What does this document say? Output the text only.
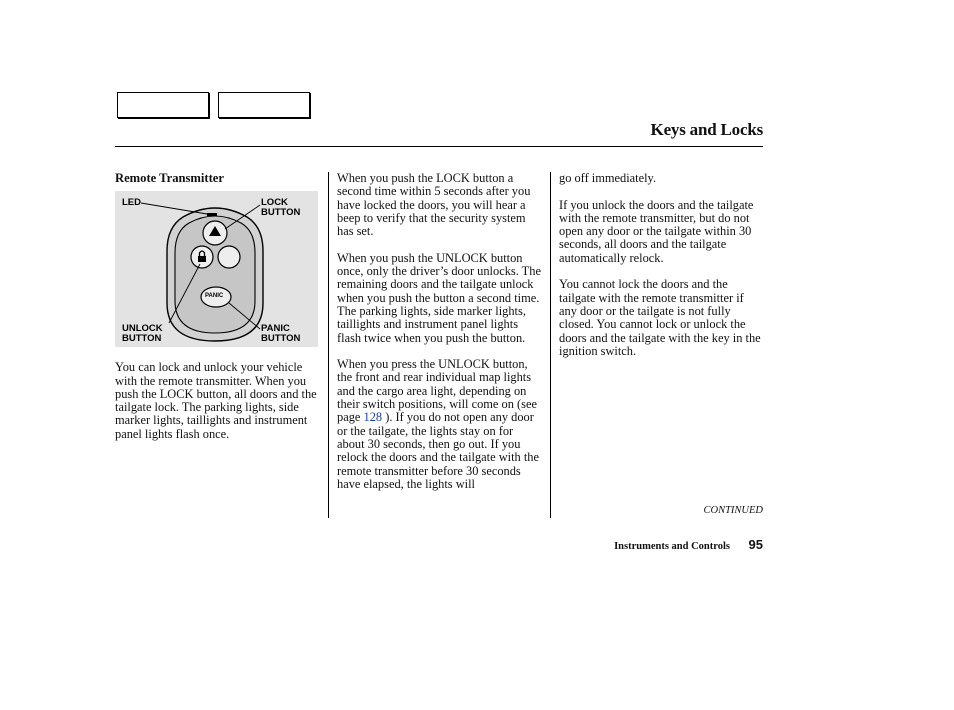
Keys and Locks
Remote Transmitter
LED	LOCK
BUTTON
UNLOCK
BUTTON
PANIC
BUTTON
PANIC

You can lock and unlock your vehicle with the remote transmitter. When you push the LOCK button, all doors and the tailgate lock. The parking lights, side marker lights, taillights and instrument panel lights flash once.

When you push the LOCK button a second time within 5 seconds after you have locked the doors, you will hear a beep to verify that the security system has set.

When you push the UNLOCK button once, only the driver’s door unlocks. The remaining doors and the tailgate unlock when you push the button a second time. The parking lights, side marker lights, taillights and instrument panel lights flash twice when you push the button.

When you press the UNLOCK button, the front and rear individual map lights and the cargo area light, depending on their switch positions, will come on (see page 128 ). If you do not open any door or the tailgate, the lights stay on for about 30 seconds, then go out. If you relock the doors and the tailgate with the remote transmitter before 30 seconds have elapsed, the lights will

go off immediately.

If you unlock the doors and the tailgate with the remote transmitter, but do not open any door or the tailgate within 30 seconds, all doors and the tailgate automatically relock.

You cannot lock the doors and the tailgate with the remote transmitter if any door or the tailgate is not fully closed. You cannot lock or unlock the doors and the tailgate with the key in the ignition switch.

CONTINUED
Instruments and Controls	95
